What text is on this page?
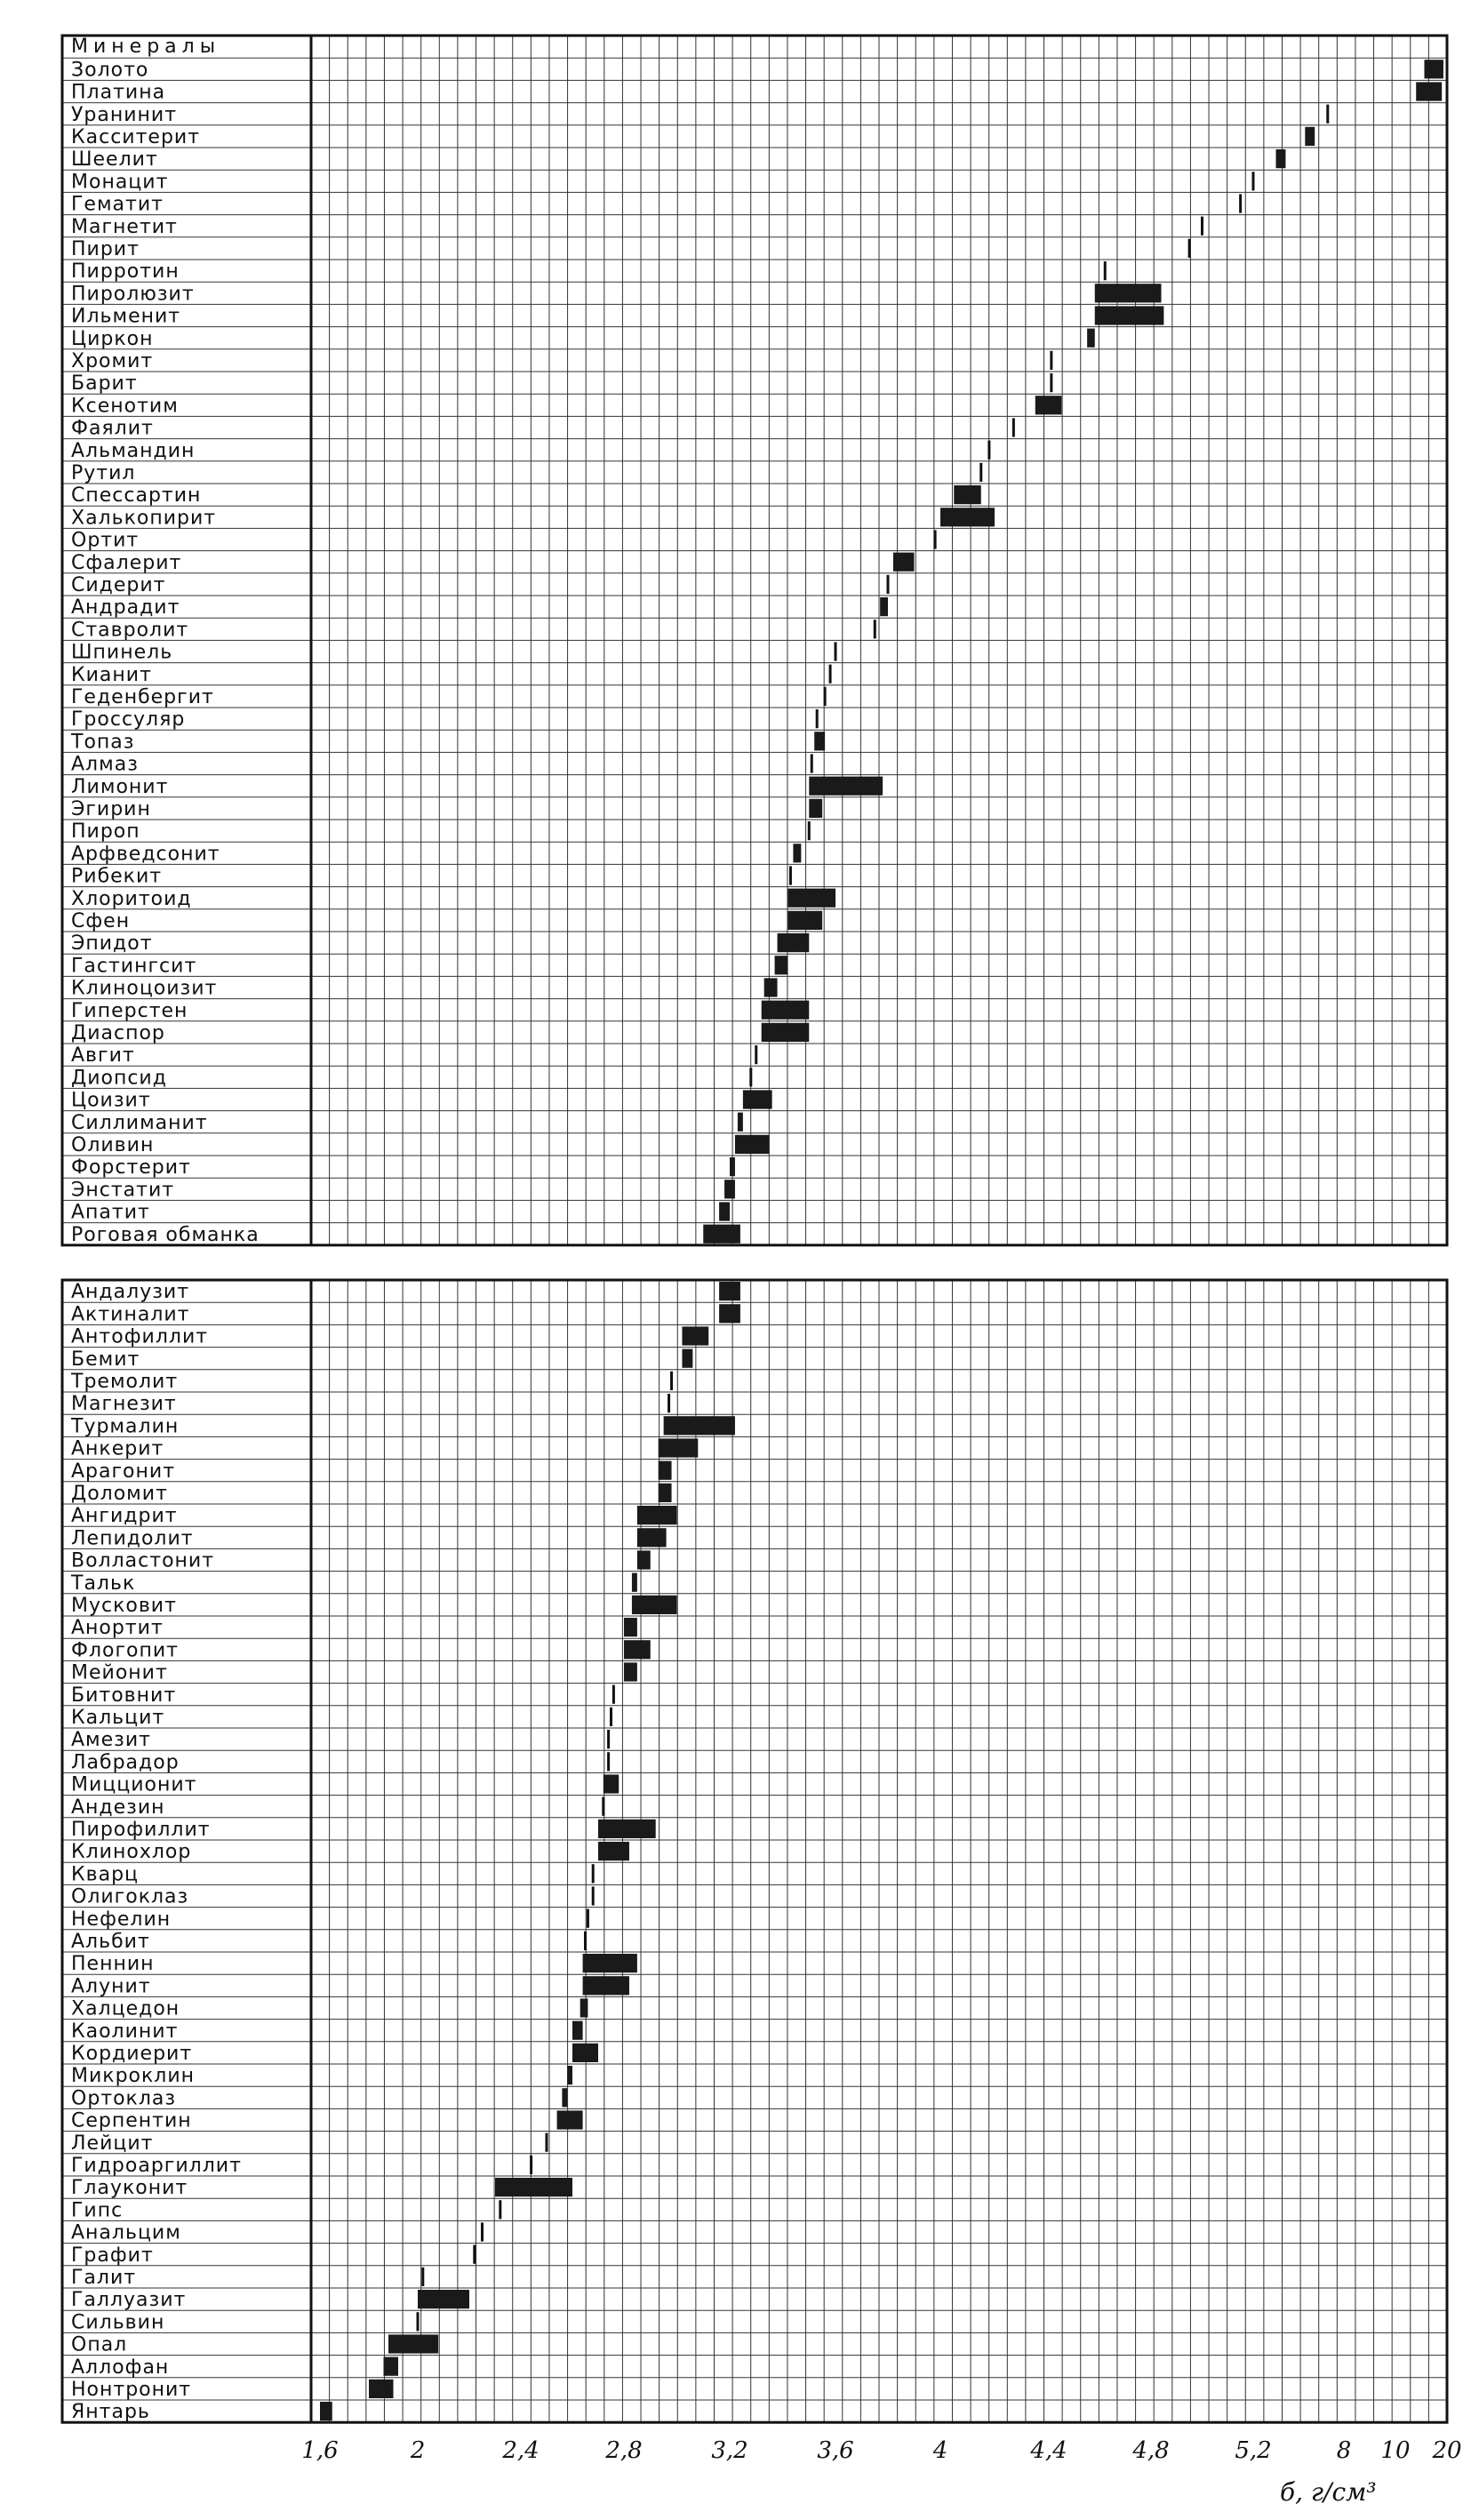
Минералы
Золото
Платина
Уранинит
Касситерит
Шеелит
Монацит
Гематит
Магнетит
Пирит
Пирротин
Пиролюзит
Ильменит
Циркон
Хромит
Барит
Ксенотим
Фаялит
Альмандин
Рутил
Спессартин
Халькопирит
Ортит
Сфалерит
Сидерит
Андрадит
Ставролит
Шпинель
Кианит
Геденбергит
Гроссуляр
Топаз
Алмаз
Лимонит
Эгирин
Пироп
Арфведсонит
Рибекит
Хлоритоид
Сфен
Эпидот
Гастингсит
Клиноцоизит
Гиперстен
Диаспор
Авгит
Диопсид
Цоизит
Силлиманит
Оливин
Форстерит
Энстатит
Апатит
Роговая обманка
Андалузит
Актиналит
Антофиллит
Бемит
Тремолит
Магнезит
Турмалин
Анкерит
Арагонит
Доломит
Ангидрит
Лепидолит
Волластонит
Тальк
Мусковит
Анортит
Флогопит
Мейонит
Битовнит
Кальцит
Амезит
Лабрадор
Мицционит
Андезин
Пирофиллит
Клинохлор
Кварц
Олигоклаз
Нефелин
Альбит
Пеннин
Алунит
Халцедон
Каолинит
Кордиерит
Микроклин
Ортоклаз
Серпентин
Лейцит
Гидроаргиллит
Глауконит
Гипс
Анальцим
Графит
Галит
Галлуазит
Сильвин
Опал
Аллофан
Нонтронит
Янтарь
1,6	2	2,4	2,8	3,2	3,6	4	4,4	4,8	5,2	8 10 20
б, г/см³
